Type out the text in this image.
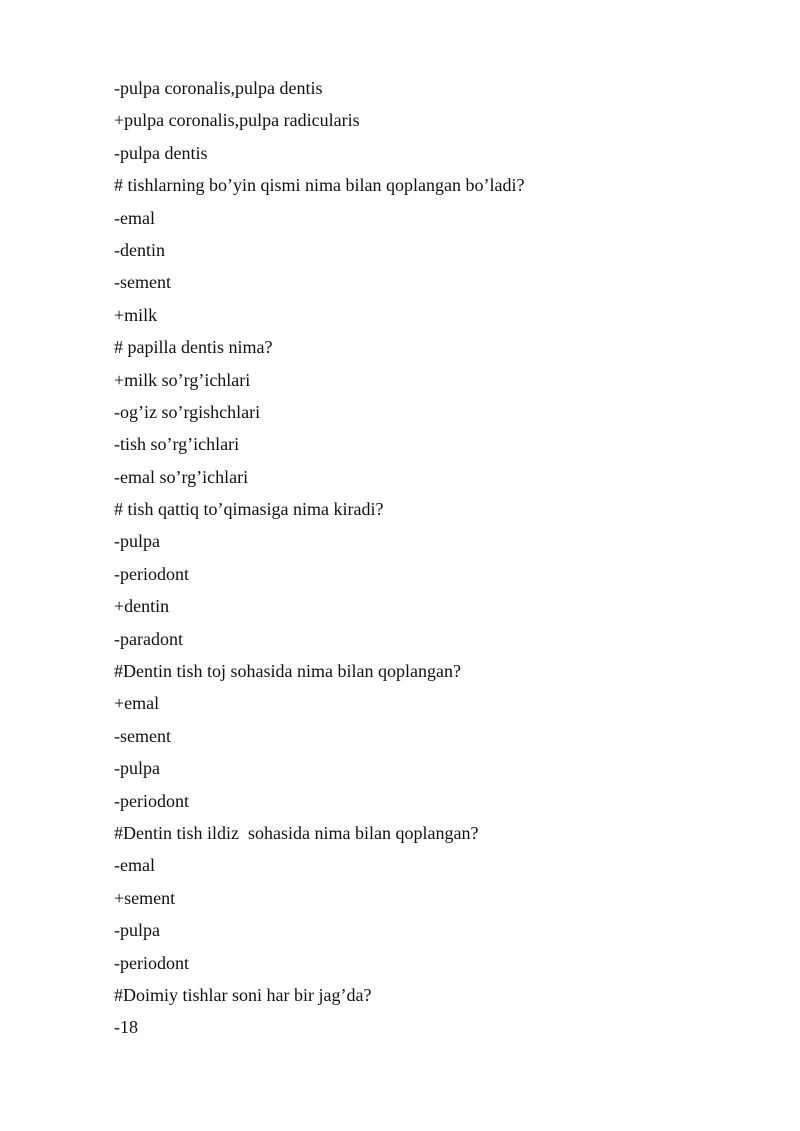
-pulpa coronalis,pulpa dentis
+pulpa coronalis,pulpa radicularis
-pulpa dentis
# tishlarning bo’yin qismi nima bilan qoplangan bo’ladi?
-emal
-dentin
-sement
+milk
# papilla dentis nima?
+milk so’rg’ichlari
-og’iz so’rgishchlari
-tish so’rg’ichlari
-emal so’rg’ichlari
# tish qattiq to’qimasiga nima kiradi?
-pulpa
-periodont
+dentin
-paradont
#Dentin tish toj sohasida nima bilan qoplangan?
+emal
-sement
-pulpa
-periodont
#Dentin tish ildiz  sohasida nima bilan qoplangan?
-emal
+sement
-pulpa
-periodont
#Doimiy tishlar soni har bir jag’da?
-18
